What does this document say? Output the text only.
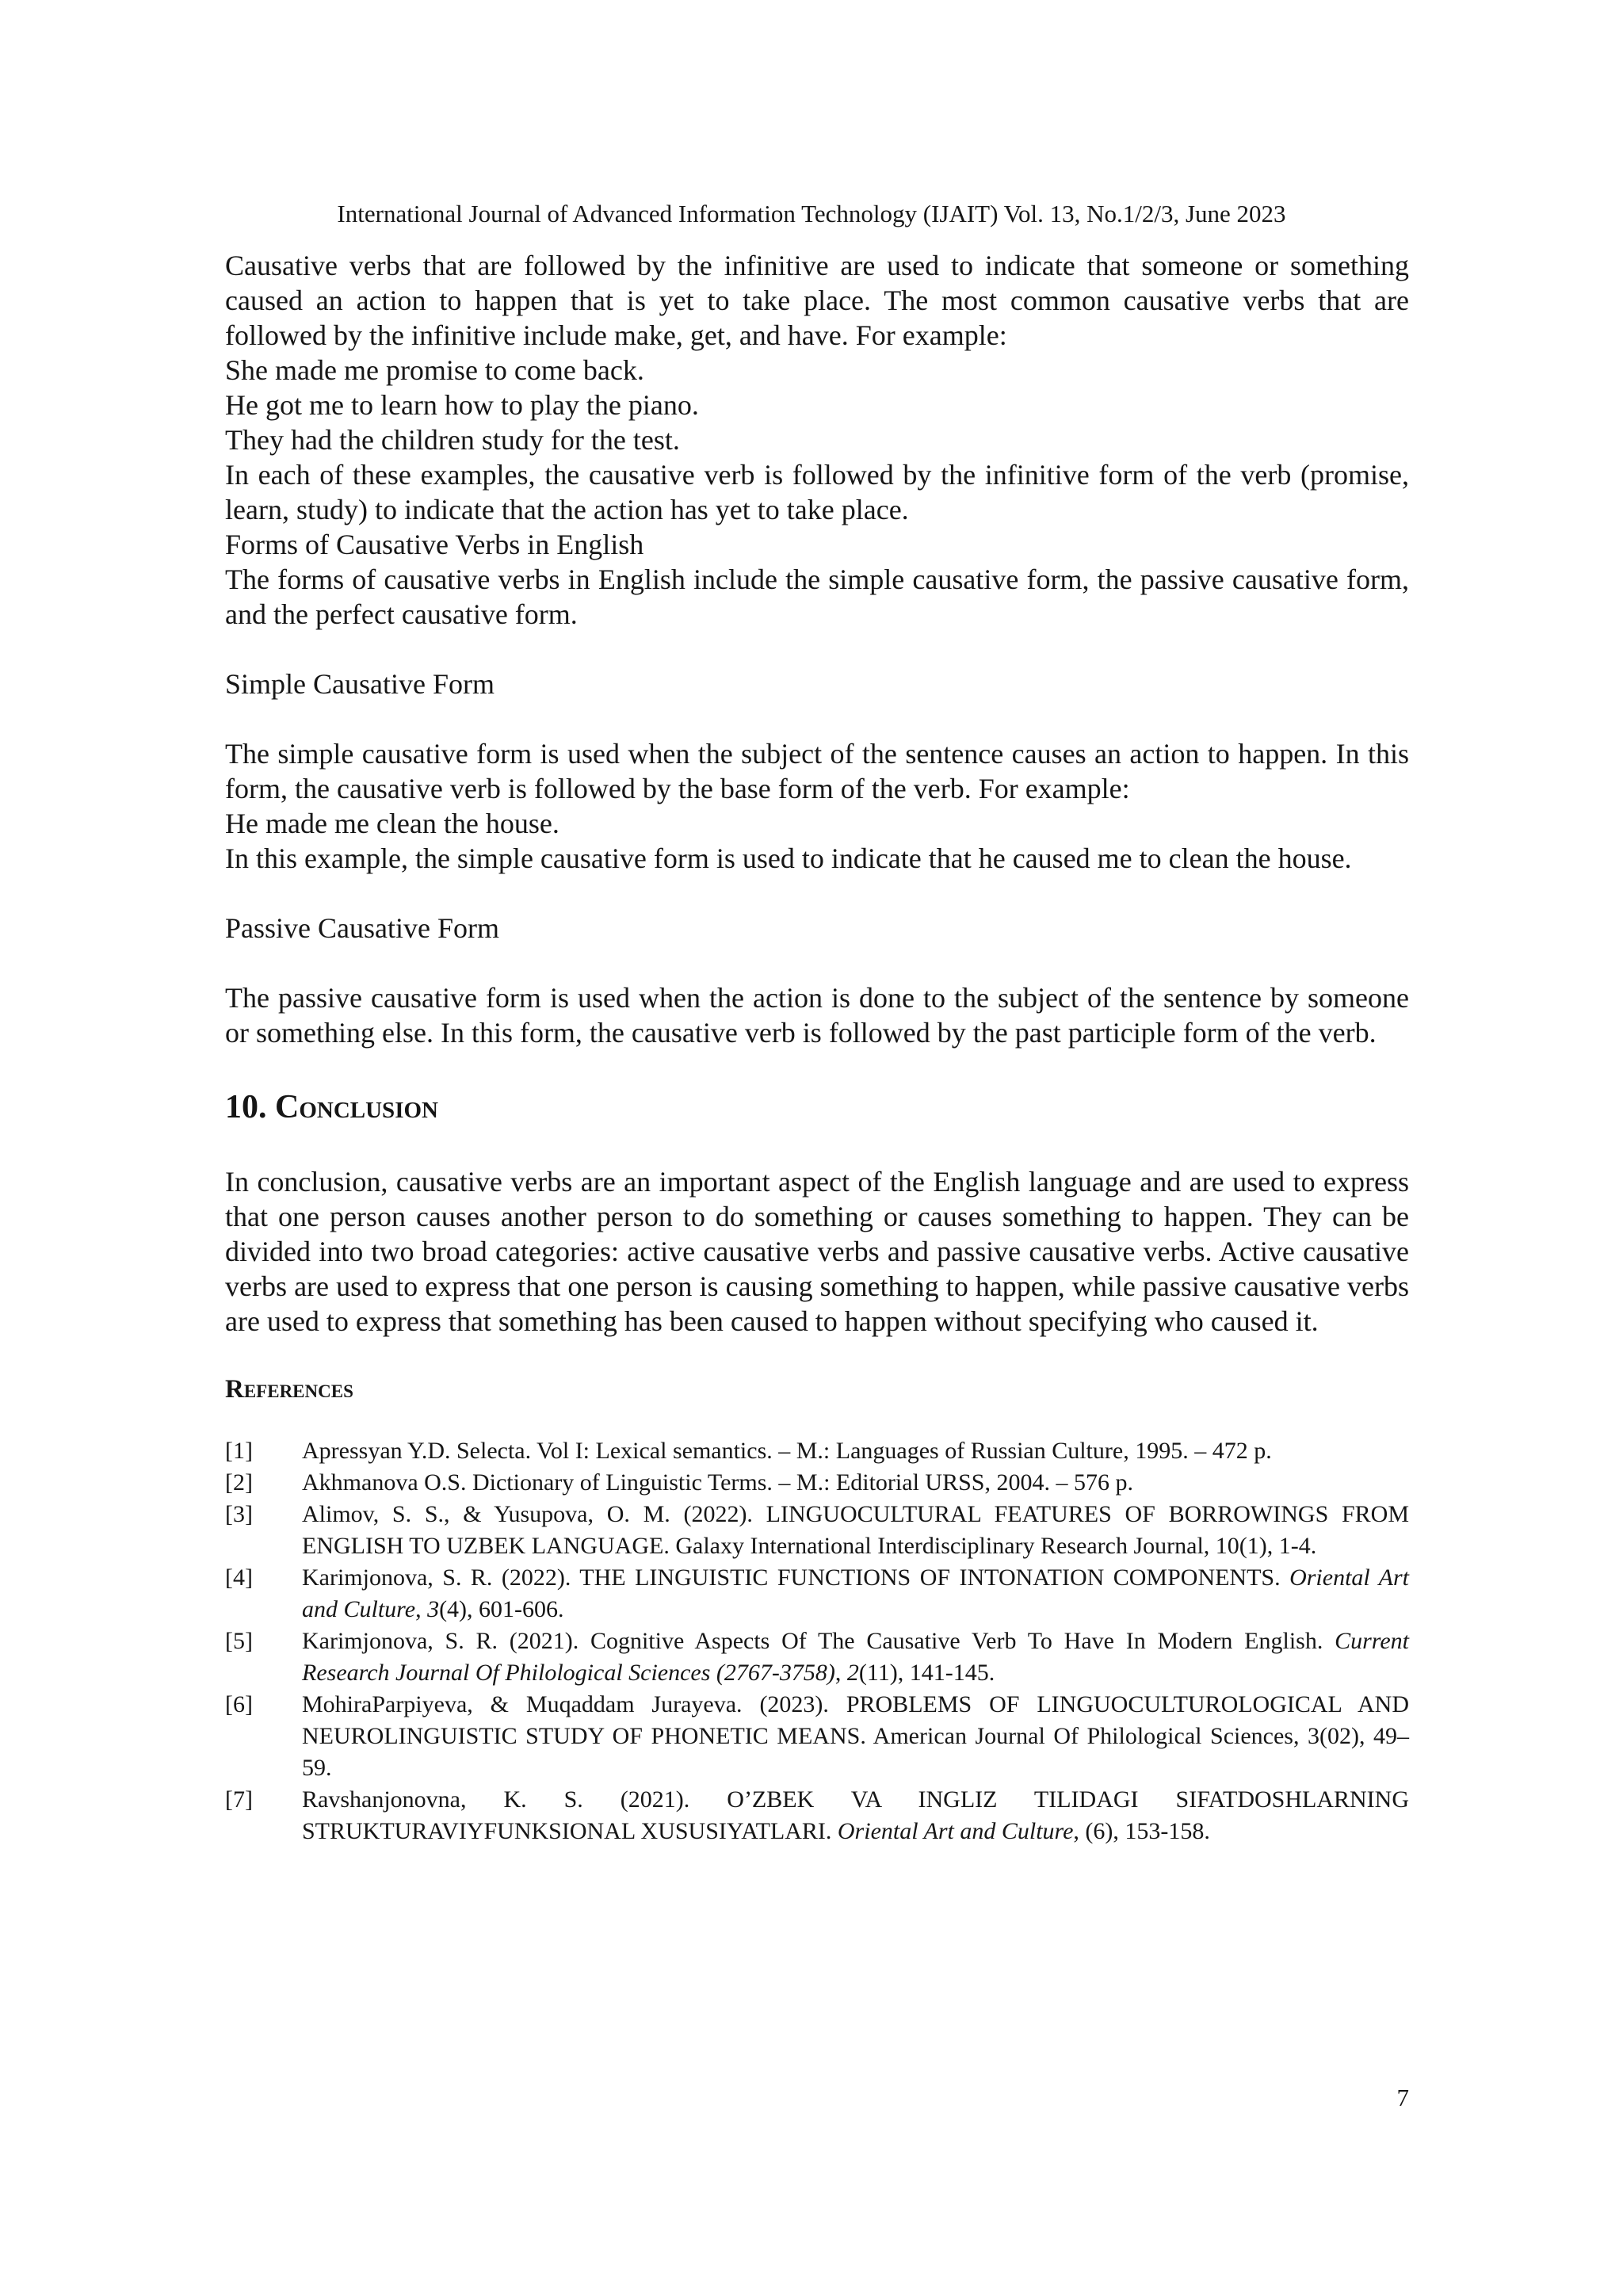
International Journal of Advanced Information Technology (IJAIT) Vol. 13, No.1/2/3, June 2023

Causative verbs that are followed by the infinitive are used to indicate that someone or something caused an action to happen that is yet to take place. The most common causative verbs that are followed by the infinitive include make, get, and have. For example:

She made me promise to come back.

He got me to learn how to play the piano.

They had the children study for the test.

In each of these examples, the causative verb is followed by the infinitive form of the verb (promise, learn, study) to indicate that the action has yet to take place.

Forms of Causative Verbs in English

The forms of causative verbs in English include the simple causative form, the passive causative form, and the perfect causative form.

Simple Causative Form

The simple causative form is used when the subject of the sentence causes an action to happen. In this form, the causative verb is followed by the base form of the verb. For example:

He made me clean the house.

In this example, the simple causative form is used to indicate that he caused me to clean the house.

Passive Causative Form

The passive causative form is used when the action is done to the subject of the sentence by someone or something else. In this form, the causative verb is followed by the past participle form of the verb.

10. Conclusion

In conclusion, causative verbs are an important aspect of the English language and are used to express that one person causes another person to do something or causes something to happen. They can be divided into two broad categories: active causative verbs and passive causative verbs. Active causative verbs are used to express that one person is causing something to happen, while passive causative verbs are used to express that something has been caused to happen without specifying who caused it.

References
[1] Apressyan Y.D. Selecta. Vol I: Lexical semantics. – M.: Languages of Russian Culture, 1995. – 472 p.
[2] Akhmanova O.S. Dictionary of Linguistic Terms. – M.: Editorial URSS, 2004. – 576 p.
[3] Alimov, S. S., & Yusupova, O. M. (2022). LINGUOCULTURAL FEATURES OF BORROWINGS FROM ENGLISH TO UZBEK LANGUAGE. Galaxy International Interdisciplinary Research Journal, 10(1), 1-4.
[4] Karimjonova, S. R. (2022). THE LINGUISTIC FUNCTIONS OF INTONATION COMPONENTS. Oriental Art and Culture, 3(4), 601-606.
[5] Karimjonova, S. R. (2021). Cognitive Aspects Of The Causative Verb To Have In Modern English. Current Research Journal Of Philological Sciences (2767-3758), 2(11), 141-145.
[6] MohiraParpiyeva, & Muqaddam Jurayeva. (2023). PROBLEMS OF LINGUOCULTUROLOGICAL AND NEUROLINGUISTIC STUDY OF PHONETIC MEANS. American Journal Of Philological Sciences, 3(02), 49–59.
[7] Ravshanjonovna, K. S. (2021). O’ZBEK VA INGLIZ TILIDAGI SIFATDOSHLARNING STRUKTURAVIYFUNKSIONAL XUSUSIYATLARI. Oriental Art and Culture, (6), 153-158.
7
